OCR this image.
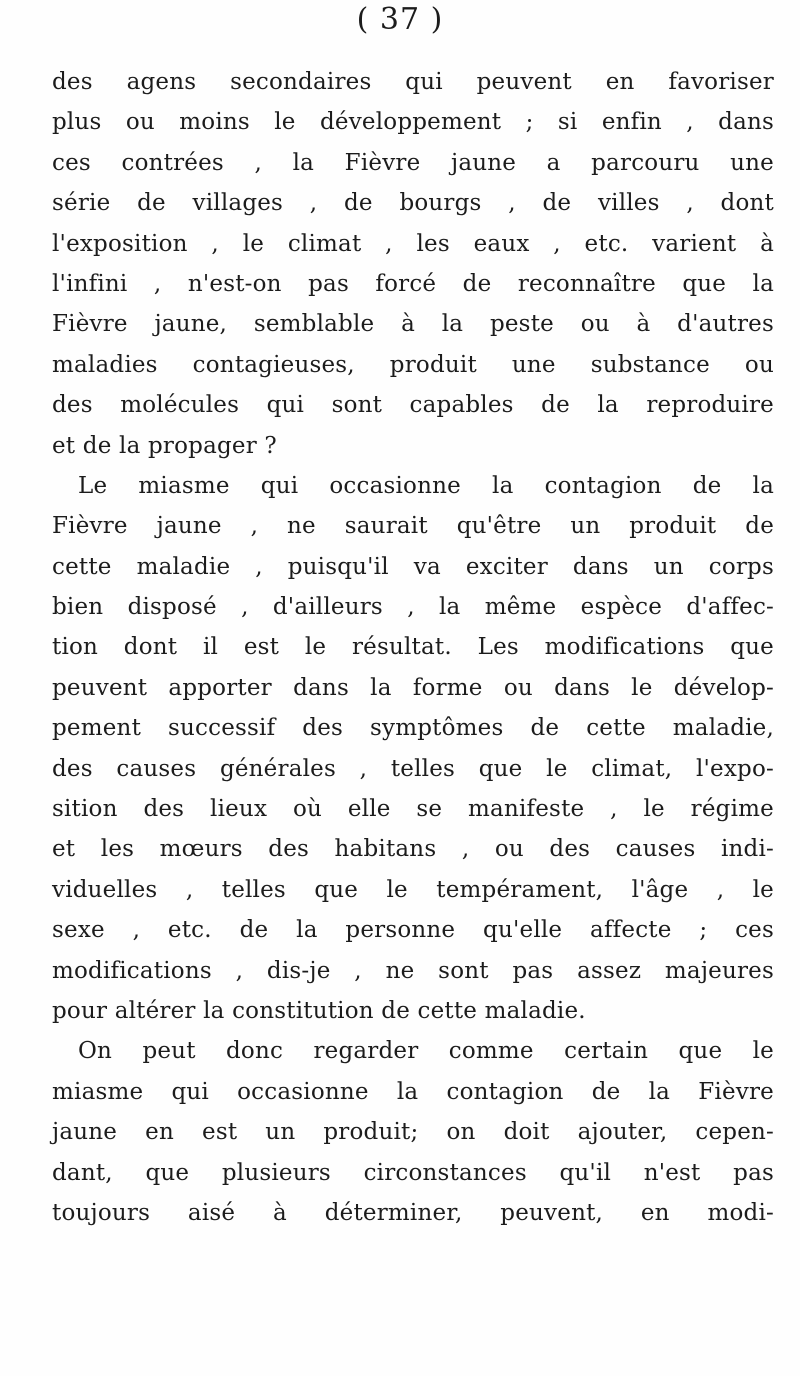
( 37 )
des agens secondaires qui peuvent en favoriser
plus ou moins le développement ; si enfin , dans
ces contrées , la Fièvre jaune a parcouru une
série de villages , de bourgs , de villes , dont
l'exposition , le climat , les eaux , etc. varient à
l'infini , n'est-on pas forcé de reconnaître que la
Fièvre jaune, semblable à la peste ou à d'autres
maladies contagieuses, produit une substance ou
des molécules qui sont capables de la reproduire
et de la propager ?
Le miasme qui occasionne la contagion de la
Fièvre jaune , ne saurait qu'être un produit de
cette maladie , puisqu'il va exciter dans un corps
bien disposé , d'ailleurs , la même espèce d'affec-
tion dont il est le résultat. Les modifications que
peuvent apporter dans la forme ou dans le dévelop-
pement successif des symptômes de cette maladie,
des causes générales , telles que le climat, l'expo-
sition des lieux où elle se manifeste , le régime
et les mœurs des habitans , ou des causes indi-
viduelles , telles que le tempérament, l'âge , le
sexe , etc. de la personne qu'elle affecte ; ces
modifications , dis-je , ne sont pas assez majeures
pour altérer la constitution de cette maladie.
On peut donc regarder comme certain que le
miasme qui occasionne la contagion de la Fièvre
jaune en est un produit; on doit ajouter, cepen-
dant, que plusieurs circonstances qu'il n'est pas
toujours aisé à déterminer, peuvent, en modi-
